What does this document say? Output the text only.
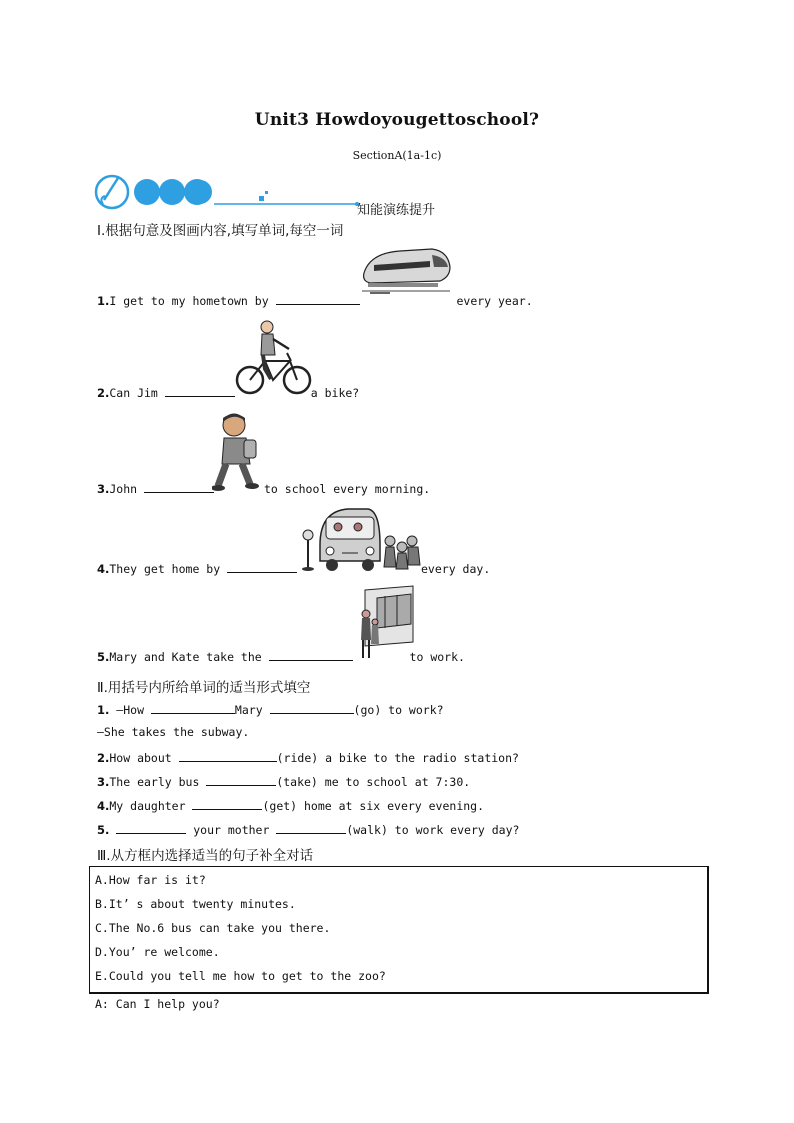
Unit3 Howdoyougettoschool?
SectionA(1a-1c)
知能演练提升
Ⅰ.根据句意及图画内容,填写单词,每空一词
1.I get to my hometown by	every year.
2.Can Jim	a bike?
3.John	to school every morning.
4.They get home by	every day.
5.Mary and Kate take the	to work.
Ⅱ.用括号内所给单词的适当形式填空
1. —How	Mary	(go) to work?
—She takes the subway.
2.How about	(ride) a bike to the radio station?
3.The early bus	(take) me to school at 7:30.
4.My daughter	(get) home at six every evening.
5.	your mother	(walk) to work every day?
Ⅲ.从方框内选择适当的句子补全对话
A.How far is it?
B.It’ s about twenty minutes.
C.The No.6 bus can take you there.
D.You’ re welcome.
E.Could you tell me how to get to the zoo?
A: Can I help you?
